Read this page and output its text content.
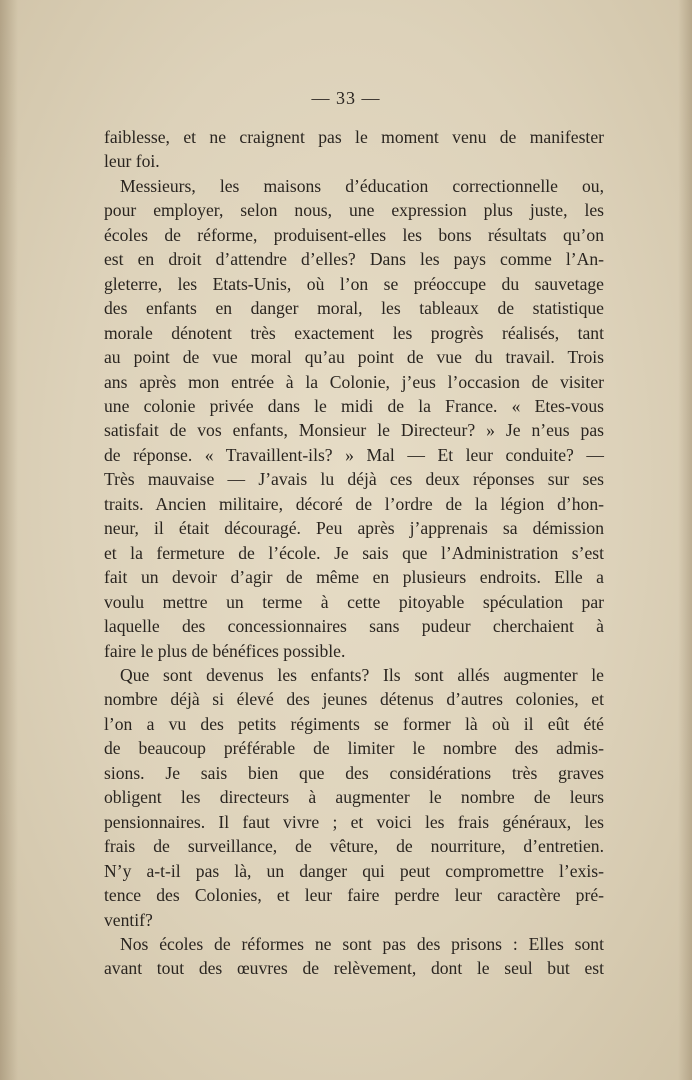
— 33 —
faiblesse, et ne craignent pas le moment venu de manifester
leur foi.
Messieurs, les maisons d’éducation correctionnelle ou,
pour employer, selon nous, une expression plus juste, les
écoles de réforme, produisent-elles les bons résultats qu’on
est en droit d’attendre d’elles? Dans les pays comme l’An-
gleterre, les Etats-Unis, où l’on se préoccupe du sauvetage
des enfants en danger moral, les tableaux de statistique
morale dénotent très exactement les progrès réalisés, tant
au point de vue moral qu’au point de vue du travail. Trois
ans après mon entrée à la Colonie, j’eus l’occasion de visiter
une colonie privée dans le midi de la France. « Etes-vous
satisfait de vos enfants, Monsieur le Directeur? » Je n’eus pas
de réponse. « Travaillent-ils? » Mal — Et leur conduite? —
Très mauvaise — J’avais lu déjà ces deux réponses sur ses
traits. Ancien militaire, décoré de l’ordre de la légion d’hon-
neur, il était découragé. Peu après j’apprenais sa démission
et la fermeture de l’école. Je sais que l’Administration s’est
fait un devoir d’agir de même en plusieurs endroits. Elle a
voulu mettre un terme à cette pitoyable spéculation par
laquelle des concessionnaires sans pudeur cherchaient à
faire le plus de bénéfices possible.
Que sont devenus les enfants? Ils sont allés augmenter le
nombre déjà si élevé des jeunes détenus d’autres colonies, et
l’on a vu des petits régiments se former là où il eût été
de beaucoup préférable de limiter le nombre des admis-
sions. Je sais bien que des considérations très graves
obligent les directeurs à augmenter le nombre de leurs
pensionnaires. Il faut vivre ; et voici les frais généraux, les
frais de surveillance, de vêture, de nourriture, d’entretien.
N’y a-t-il pas là, un danger qui peut compromettre l’exis-
tence des Colonies, et leur faire perdre leur caractère pré-
ventif?
Nos écoles de réformes ne sont pas des prisons : Elles sont
avant tout des œuvres de relèvement, dont le seul but est
